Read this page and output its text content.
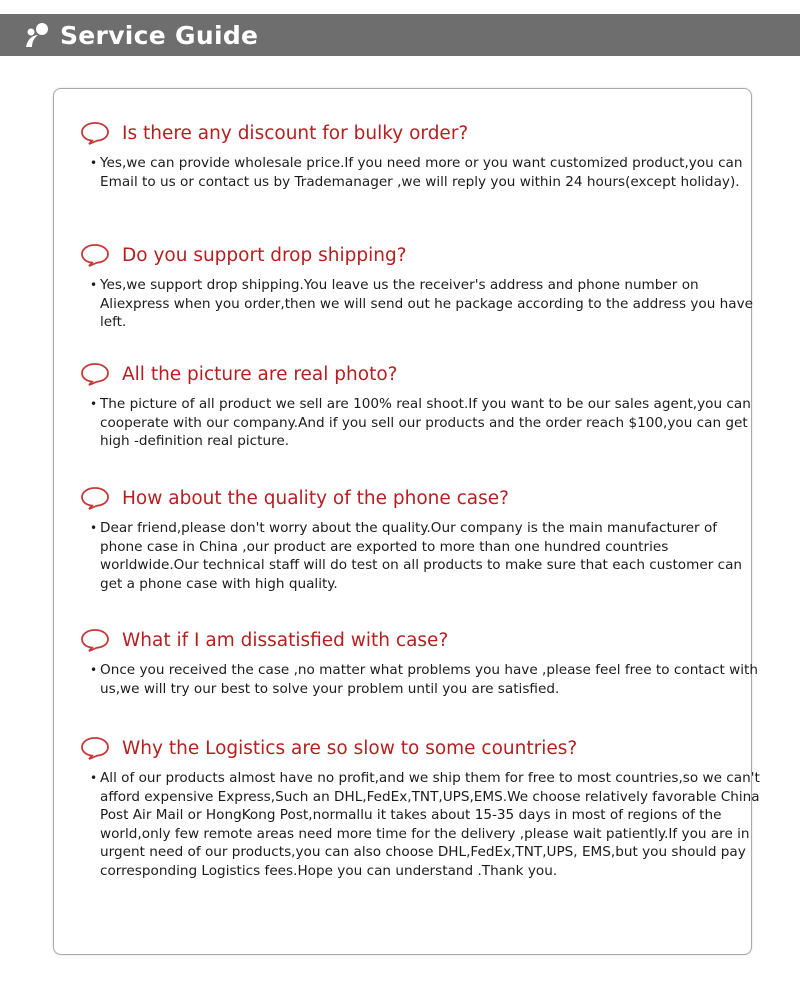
Service Guide
Is there any discount for bulky order?
• Yes,we can provide wholesale price.If you need more or you want customized product,you can Email to us or contact us by Trademanager ,we will reply you within 24 hours(except holiday).
Do you support drop shipping?
• Yes,we support drop shipping.You leave us the receiver's address and phone number on Aliexpress when you order,then we will send out he package according to the address you have left.
All the picture are real photo?
• The picture of all product we sell are 100% real shoot.If you want to be our sales agent,you can cooperate with our company.And if you sell our products and the order reach $100,you can get high -definition real picture.
How about the quality of the phone case?
• Dear friend,please don't worry about the quality.Our company is the main manufacturer of phone case in China ,our product are exported to more than one hundred countries worldwide.Our technical staff will do test on all products to make sure that each customer can get a phone case with high quality.
What if I am dissatisfied with case?
• Once you received the case ,no matter what problems you have ,please feel free to contact with us,we will try our best to solve your problem until you are satisfied.
Why the Logistics are so slow to some countries?
• All of our products almost have no profit,and we ship them for free to most countries,so we can't afford expensive Express,Such an DHL,FedEx,TNT,UPS,EMS.We choose relatively favorable China Post Air Mail or HongKong Post,normallu it takes about 15-35 days in most of regions of the world,only few remote areas need more time for the delivery ,please wait patiently.If you are in urgent need of our products,you can also choose DHL,FedEx,TNT,UPS, EMS,but you should pay corresponding Logistics fees.Hope you can understand .Thank you.
